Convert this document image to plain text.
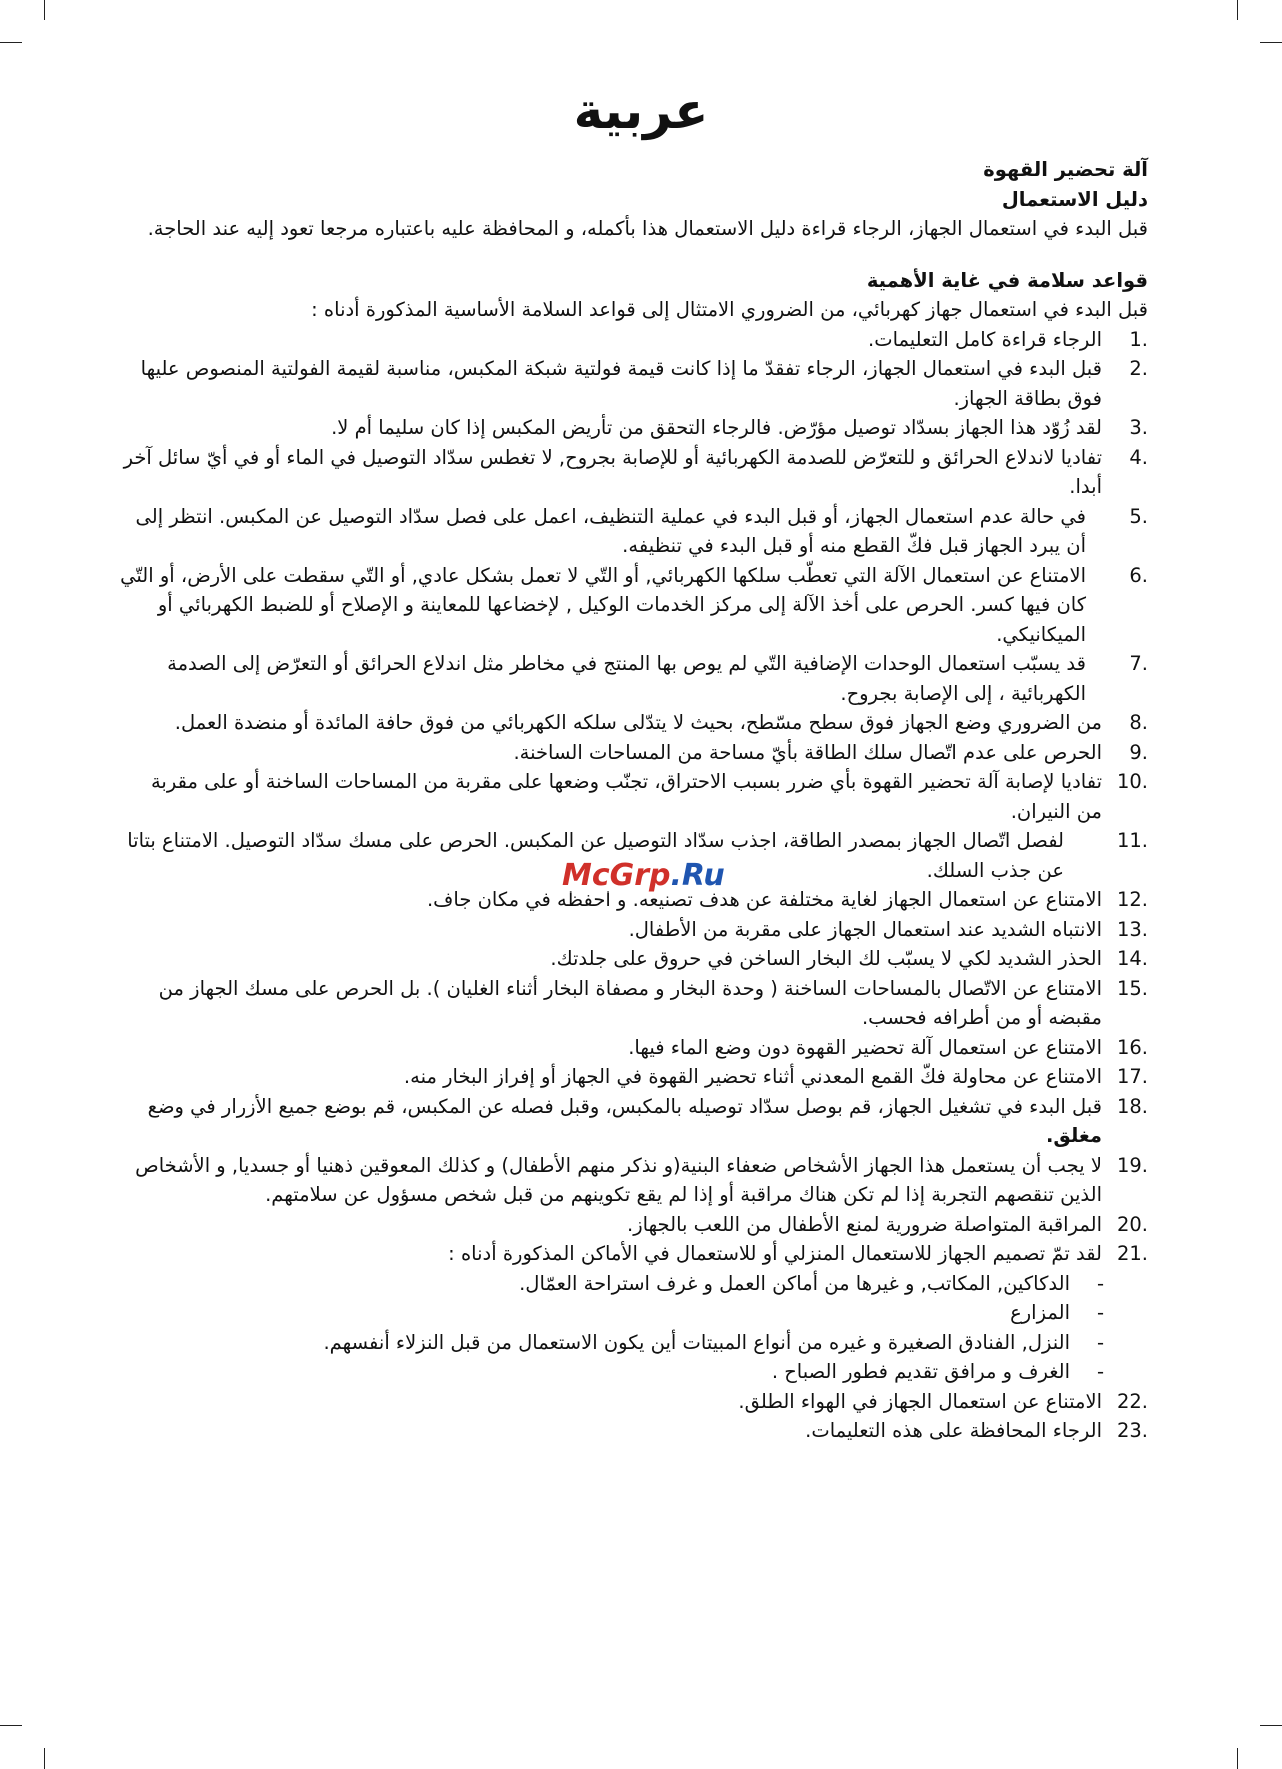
عربية
آلة تحضير القهوة
دليل الاستعمال
قبل البدء في استعمال الجهاز، الرجاء قراءة دليل الاستعمال هذا بأكمله، و المحافظة عليه باعتباره مرجعا تعود إليه عند الحاجة.
قواعد سلامة في غاية الأهمية
قبل البدء في استعمال جهاز كهربائي، من الضروري الامتثال إلى قواعد السلامة الأساسية المذكورة أدناه :
1.
الرجاء قراءة كامل التعليمات.
2.
قبل البدء في استعمال الجهاز، الرجاء تفقدّ ما إذا كانت قيمة فولتية شبكة المكبس، مناسبة لقيمة الفولتية المنصوص عليها فوق بطاقة الجهاز.
3.
لقد زُوّد هذا الجهاز بسدّاد توصيل مؤرّض. فالرجاء التحقق من تأريض المكبس إذا كان سليما أم لا.
4.
تفاديا لاندلاع الحرائق و للتعرّض للصدمة الكهربائية أو للإصابة بجروح, لا تغطس سدّاد التوصيل في الماء أو في أيّ سائل آخر أبدا.
5.
في حالة عدم استعمال الجهاز، أو قبل البدء في عملية التنظيف، اعمل على فصل سدّاد التوصيل عن المكبس. انتظر إلى أن يبرد الجهاز قبل فكّ القطع منه أو قبل البدء في تنظيفه.
6.
الامتناع عن استعمال الآلة التي تعطّب سلكها الكهربائي, أو التّي لا تعمل بشكل عادي, أو التّي سقطت على الأرض، أو التّي كان فيها كسر. الحرص على أخذ الآلة إلى مركز الخدمات الوكيل , لإخضاعها للمعاينة و الإصلاح أو للضبط الكهربائي أو الميكانيكي.
7.
قد يسبّب استعمال الوحدات الإضافية التّي لم يوص بها المنتج في مخاطر مثل اندلاع الحرائق أو التعرّض إلى الصدمة الكهربائية ، إلى الإصابة بجروح.
8.
من الضروري وضع الجهاز فوق سطح مسّطح، بحيث لا يتدّلى سلكه الكهربائي من فوق حافة المائدة أو منضدة العمل.
9.
الحرص على عدم اتّصال سلك الطاقة بأيّ مساحة من المساحات الساخنة.
10.
تفاديا لإصابة آلة تحضير القهوة بأي ضرر بسبب الاحتراق، تجنّب وضعها على مقربة من المساحات الساخنة أو على مقربة من النيران.
11.
لفصل اتّصال الجهاز بمصدر الطاقة، اجذب سدّاد التوصيل عن المكبس. الحرص على مسك سدّاد التوصيل. الامتناع بتاتا عن جذب السلك.
12.
الامتناع عن استعمال الجهاز لغاية مختلفة عن هدف تصنيعه. و احفظه في مكان جاف.
13.
الانتباه الشديد عند استعمال الجهاز على مقربة من الأطفال.
14.
الحذر الشديد لكي لا يسبّب لك البخار الساخن في حروق على جلدتك.
15.
الامتناع عن الاتّصال بالمساحات الساخنة ( وحدة البخار و مصفاة البخار أثناء الغليان ). بل الحرص على مسك الجهاز من مقبضه أو من أطرافه فحسب.
16.
الامتناع عن استعمال آلة تحضير القهوة دون وضع الماء فيها.
17.
الامتناع عن محاولة فكّ القمع المعدني أثناء تحضير القهوة في الجهاز أو إفراز البخار منه.
18.
قبل البدء في تشغيل الجهاز، قم بوصل سدّاد توصيله بالمكبس، وقبل فصله عن المكبس، قم بوضع جميع الأزرار في وضع مغلق.
19.
لا يجب أن يستعمل هذا الجهاز الأشخاص ضعفاء البنية(و نذكر منهم الأطفال) و كذلك المعوقين ذهنيا أو جسديا, و الأشخاص الذين تنقصهم التجربة إذا لم تكن هناك مراقبة أو إذا لم يقع تكوينهم من قبل شخص مسؤول عن سلامتهم.
20.
المراقبة المتواصلة ضرورية لمنع الأطفال من اللعب بالجهاز.
21.
لقد تمّ تصميم الجهاز للاستعمال المنزلي أو للاستعمال في الأماكن المذكورة أدناه :
-
الدكاكين, المكاتب, و غيرها من أماكن العمل و غرف استراحة العمّال.
-
المزارع
-
النزل, الفنادق الصغيرة و غيره من أنواع المبيتات أين يكون الاستعمال من قبل النزلاء أنفسهم.
-
الغرف و مرافق تقديم فطور الصباح .
22.
الامتناع عن استعمال الجهاز في الهواء الطلق.
23.
الرجاء المحافظة على هذه التعليمات.
McGrp.Ru
